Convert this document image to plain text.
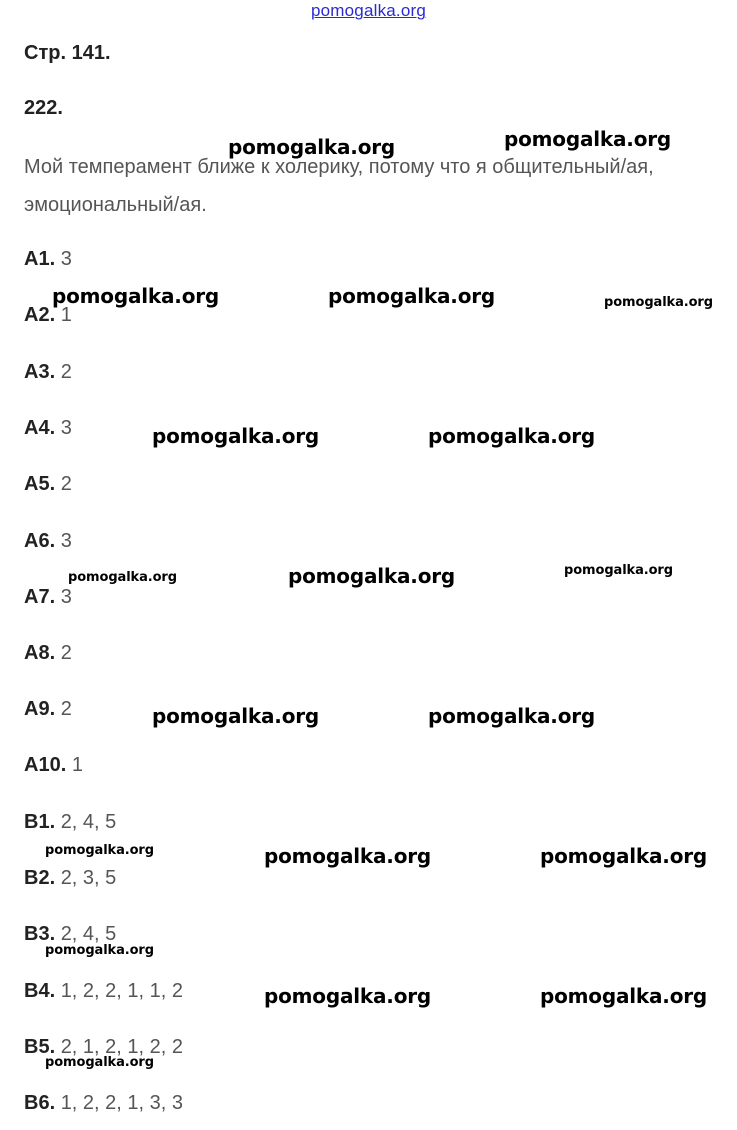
pomogalka.org
Стр. 141.
222.

Мой темперамент ближе к холерику, потому что я общительный/ая, эмоциональный/ая.

А1. 3
А2. 1
А3. 2
А4. 3
А5. 2
А6. 3
А7. 3
А8. 2
А9. 2
А10. 1
В1. 2, 4, 5
В2. 2, 3, 5
В3. 2, 4, 5
В4. 1, 2, 2, 1, 1, 2
В5. 2, 1, 2, 1, 2, 2
В6. 1, 2, 2, 1, 3, 3
pomogalka.org	pomogalka.org
pomogalka.org	pomogalka.org	pomogalka.org
pomogalka.org	pomogalka.org
pomogalka.org	pomogalka.org	pomogalka.org
pomogalka.org	pomogalka.org
pomogalka.org	pomogalka.org	pomogalka.org
pomogalka.org
pomogalka.org	pomogalka.org
pomogalka.org
